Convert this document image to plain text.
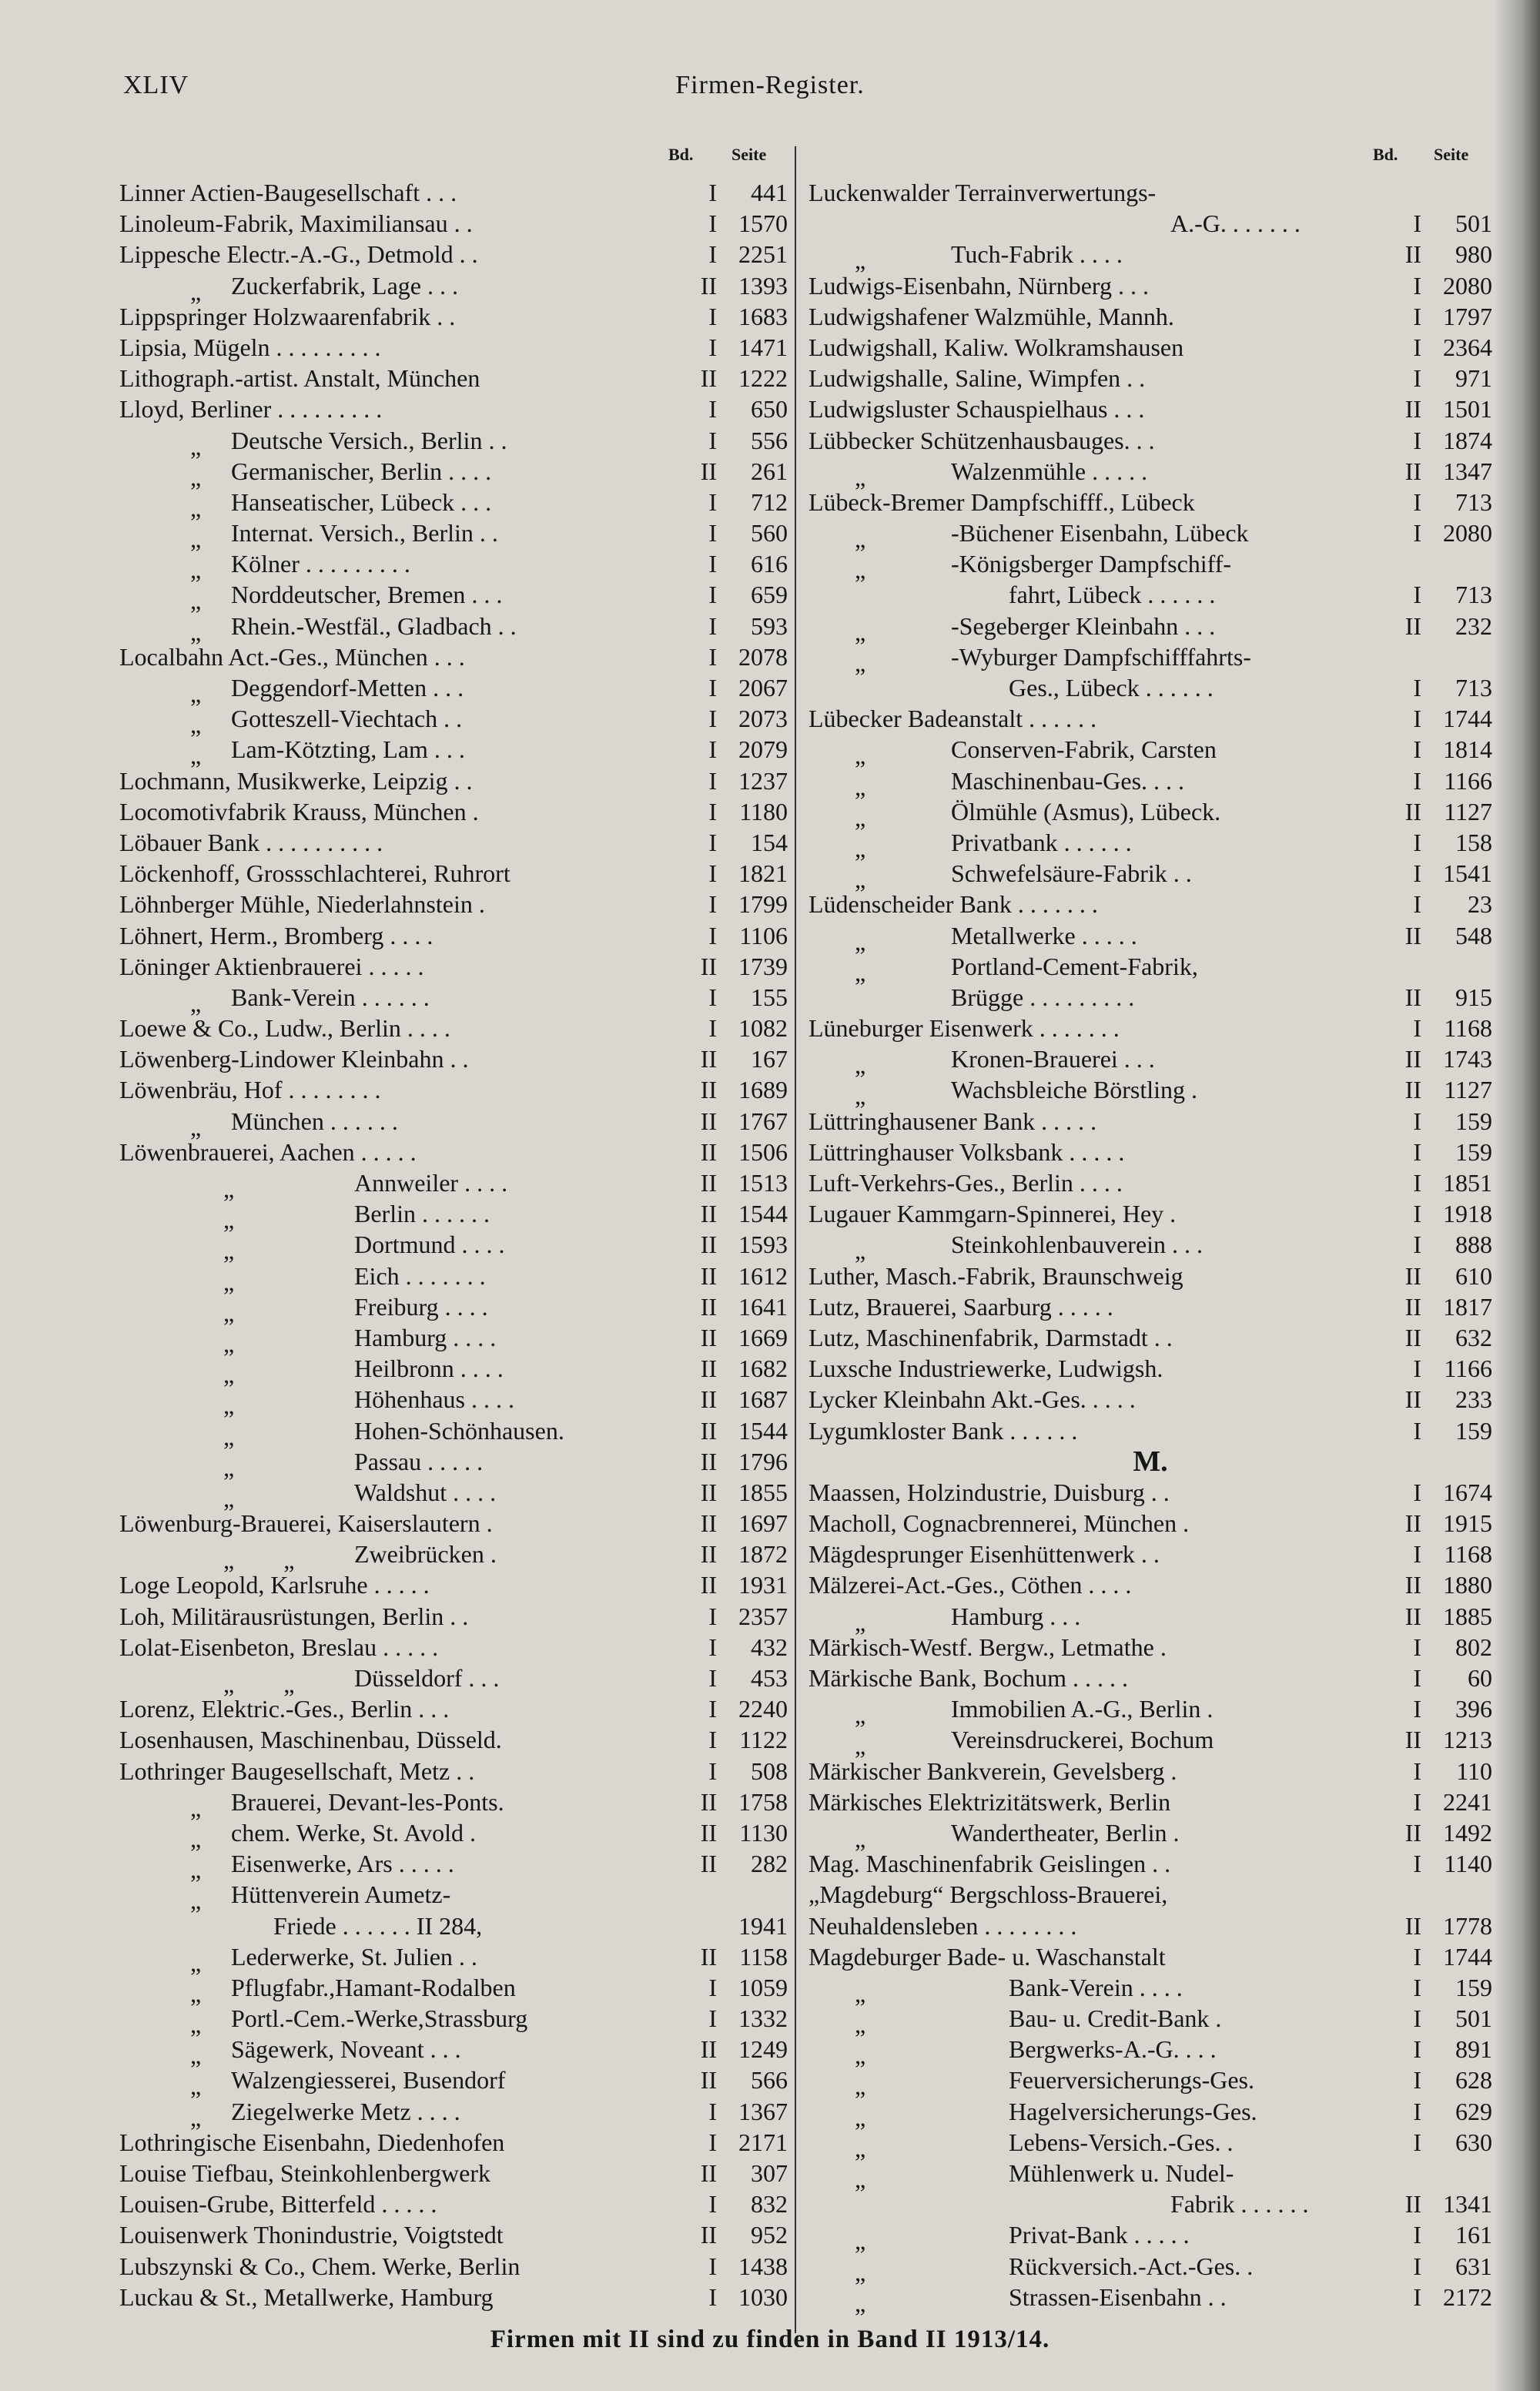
XLIV	Firmen-Register.
Bd. Seite	Bd. Seite
Linner Actien-Baugesellschaft . . .	I	441
Linoleum-Fabrik, Maximiliansau . .	I 1570
Lippesche Electr.-A.-G., Detmold . .	I 2251
„ Zuckerfabrik, Lage . . .	II 1393
Lippspringer Holzwaarenfabrik . .	I 1683
Lipsia, Mügeln . . . . . . . . .	I 1471
Lithograph.-artist. Anstalt, München	II 1222
Lloyd, Berliner . . . . . . . . .	I	650
„ Deutsche Versich., Berlin . .	I	556
„ Germanischer, Berlin . . . .	II	261
„ Hanseatischer, Lübeck . . .	I	712
„ Internat. Versich., Berlin . .	I	560
„ Kölner . . . . . . . . .	I	616
„ Norddeutscher, Bremen . . .	I	659
„ Rhein.-Westfäl., Gladbach . .	I	593
Localbahn Act.-Ges., München . . .	I 2078
„ Deggendorf-Metten . . .	I 2067
„ Gotteszell-Viechtach . .	I 2073
„ Lam-Kötzting, Lam . . .	I 2079
Lochmann, Musikwerke, Leipzig . .	I 1237
Locomotivfabrik Krauss, München .	I 1180
Löbauer Bank . . . . . . . . . .	I	154
Löckenhoff, Grossschlachterei, Ruhrort	I 1821
Löhnberger Mühle, Niederlahnstein .	I 1799
Löhnert, Herm., Bromberg . . . .	I 1106
Löninger Aktienbrauerei . . . . .	II 1739
„ Bank-Verein . . . . . .	I	155
Loewe & Co., Ludw., Berlin . . . .	I 1082
Löwenberg-Lindower Kleinbahn . .	II	167
Löwenbräu, Hof . . . . . . . .	II 1689
„ München . . . . . .	II 1767
Löwenbrauerei, Aachen . . . . .	II 1506
„	Annweiler . . . .	II 1513
„	Berlin . . . . . .	II 1544
„	Dortmund . . . .	II 1593
„	Eich . . . . . . .	II 1612
„	Freiburg . . . .	II 1641
„	Hamburg . . . .	II 1669
„	Heilbronn . . . .	II 1682
„	Höhenhaus . . . .	II 1687
„	Hohen-Schönhausen.	II 1544
„	Passau . . . . .	II 1796
„	Waldshut . . . .	II 1855
Löwenburg-Brauerei, Kaiserslautern .	II 1697
„  „ Zweibrücken .	II 1872
Loge Leopold, Karlsruhe . . . . .	II 1931
Loh, Militärausrüstungen, Berlin . .	I 2357
Lolat-Eisenbeton, Breslau . . . . .	I	432
„  „ Düsseldorf . . .	I	453
Lorenz, Elektric.-Ges., Berlin . . .	I 2240
Losenhausen, Maschinenbau, Düsseld.	I 1122
Lothringer Baugesellschaft, Metz . .	I	508
„ Brauerei, Devant-les-Ponts.	II 1758
„ chem. Werke, St. Avold .	II 1130
„ Eisenwerke, Ars . . . . .	II	282
„ Hüttenverein Aumetz-
Friede . . . . . . II 284,	1941
„ Lederwerke, St. Julien . .	II 1158
„ Pflugfabr.,Hamant-Rodalben	I 1059
„ Portl.-Cem.-Werke,Strassburg	I 1332
„ Sägewerk, Noveant . . .	II 1249
„ Walzengiesserei, Busendorf	II	566
„ Ziegelwerke Metz . . . .	I 1367
Lothringische Eisenbahn, Diedenhofen	I 2171
Louise Tiefbau, Steinkohlenbergwerk	II	307
Louisen-Grube, Bitterfeld . . . . .	I	832
Louisenwerk Thonindustrie, Voigtstedt	II	952
Lubszynski & Co., Chem. Werke, Berlin	I 1438
Luckau & St., Metallwerke, Hamburg	I 1030
Luckenwalder Terrainverwertungs-
A.-G. . . . . . .	I	501
„	Tuch-Fabrik . . . .	II	980
Ludwigs-Eisenbahn, Nürnberg . . .	I 2080
Ludwigshafener Walzmühle, Mannh.	I 1797
Ludwigshall, Kaliw. Wolkramshausen	I 2364
Ludwigshalle, Saline, Wimpfen . .	I	971
Ludwigsluster Schauspielhaus . . .	II 1501
Lübbecker Schützenhausbauges. . .	I 1874
„	Walzenmühle . . . . .	II 1347
Lübeck-Bremer Dampfschifff., Lübeck	I	713
„	-Büchener Eisenbahn, Lübeck	I 2080
„	-Königsberger Dampfschiff-
fahrt, Lübeck . . . . . .	I	713
„	-Segeberger Kleinbahn . . .	II	232
„	-Wyburger Dampfschifffahrts-
Ges., Lübeck . . . . . .	I	713
Lübecker Badeanstalt . . . . . .	I 1744
„	Conserven-Fabrik, Carsten	I 1814
„	Maschinenbau-Ges. . . .	I 1166
„	Ölmühle (Asmus), Lübeck.	II 1127
„	Privatbank . . . . . .	I	158
„	Schwefelsäure-Fabrik . .	I 1541
Lüdenscheider Bank . . . . . . .	I	23
„	Metallwerke . . . . .	II	548
„	Portland-Cement-Fabrik,
Brügge . . . . . . . . .	II	915
Lüneburger Eisenwerk . . . . . . .	I 1168
„	Kronen-Brauerei . . .	II 1743
„	Wachsbleiche Börstling .	II 1127
Lüttringhausener Bank . . . . .	I	159
Lüttringhauser Volksbank . . . . .	I	159
Luft-Verkehrs-Ges., Berlin . . . .	I 1851
Lugauer Kammgarn-Spinnerei, Hey .	I 1918
„	Steinkohlenbauverein . . .	I	888
Luther, Masch.-Fabrik, Braunschweig	II	610
Lutz, Brauerei, Saarburg . . . . .	II 1817
Lutz, Maschinenfabrik, Darmstadt . .	II	632
Luxsche Industriewerke, Ludwigsh.	I 1166
Lycker Kleinbahn Akt.-Ges. . . . .	II	233
Lygumkloster Bank . . . . . .	I	159
M.
Maassen, Holzindustrie, Duisburg . .	I 1674
Macholl, Cognacbrennerei, München .	II 1915
Mägdesprunger Eisenhüttenwerk . .	I 1168
Mälzerei-Act.-Ges., Cöthen . . . .	II 1880
„	Hamburg . . .	II 1885
Märkisch-Westf. Bergw., Letmathe .	I	802
Märkische Bank, Bochum . . . . .	I	60
„	Immobilien A.-G., Berlin .	I	396
„	Vereinsdruckerei, Bochum	II 1213
Märkischer Bankverein, Gevelsberg .	I	110
Märkisches Elektrizitätswerk, Berlin	I 2241
„	Wandertheater, Berlin .	II 1492
Mag. Maschinenfabrik Geislingen . .	I 1140
„Magdeburg“ Bergschloss-Brauerei,
Neuhaldensleben . . . . . . . .	II 1778
Magdeburger Bade- u. Waschanstalt	I 1744
„	Bank-Verein . . . .	I	159
„	Bau- u. Credit-Bank .	I	501
„	Bergwerks-A.-G. . . .	I	891
„	Feuerversicherungs-Ges.	I	628
„	Hagelversicherungs-Ges.	I	629
„	Lebens-Versich.-Ges. .	I	630
„	Mühlenwerk u. Nudel-
Fabrik . . . . . .	II 1341
„	Privat-Bank . . . . .	I	161
„	Rückversich.-Act.-Ges. .	I	631
„	Strassen-Eisenbahn . .	I 2172
Firmen mit II sind zu finden in Band II 1913/14.
